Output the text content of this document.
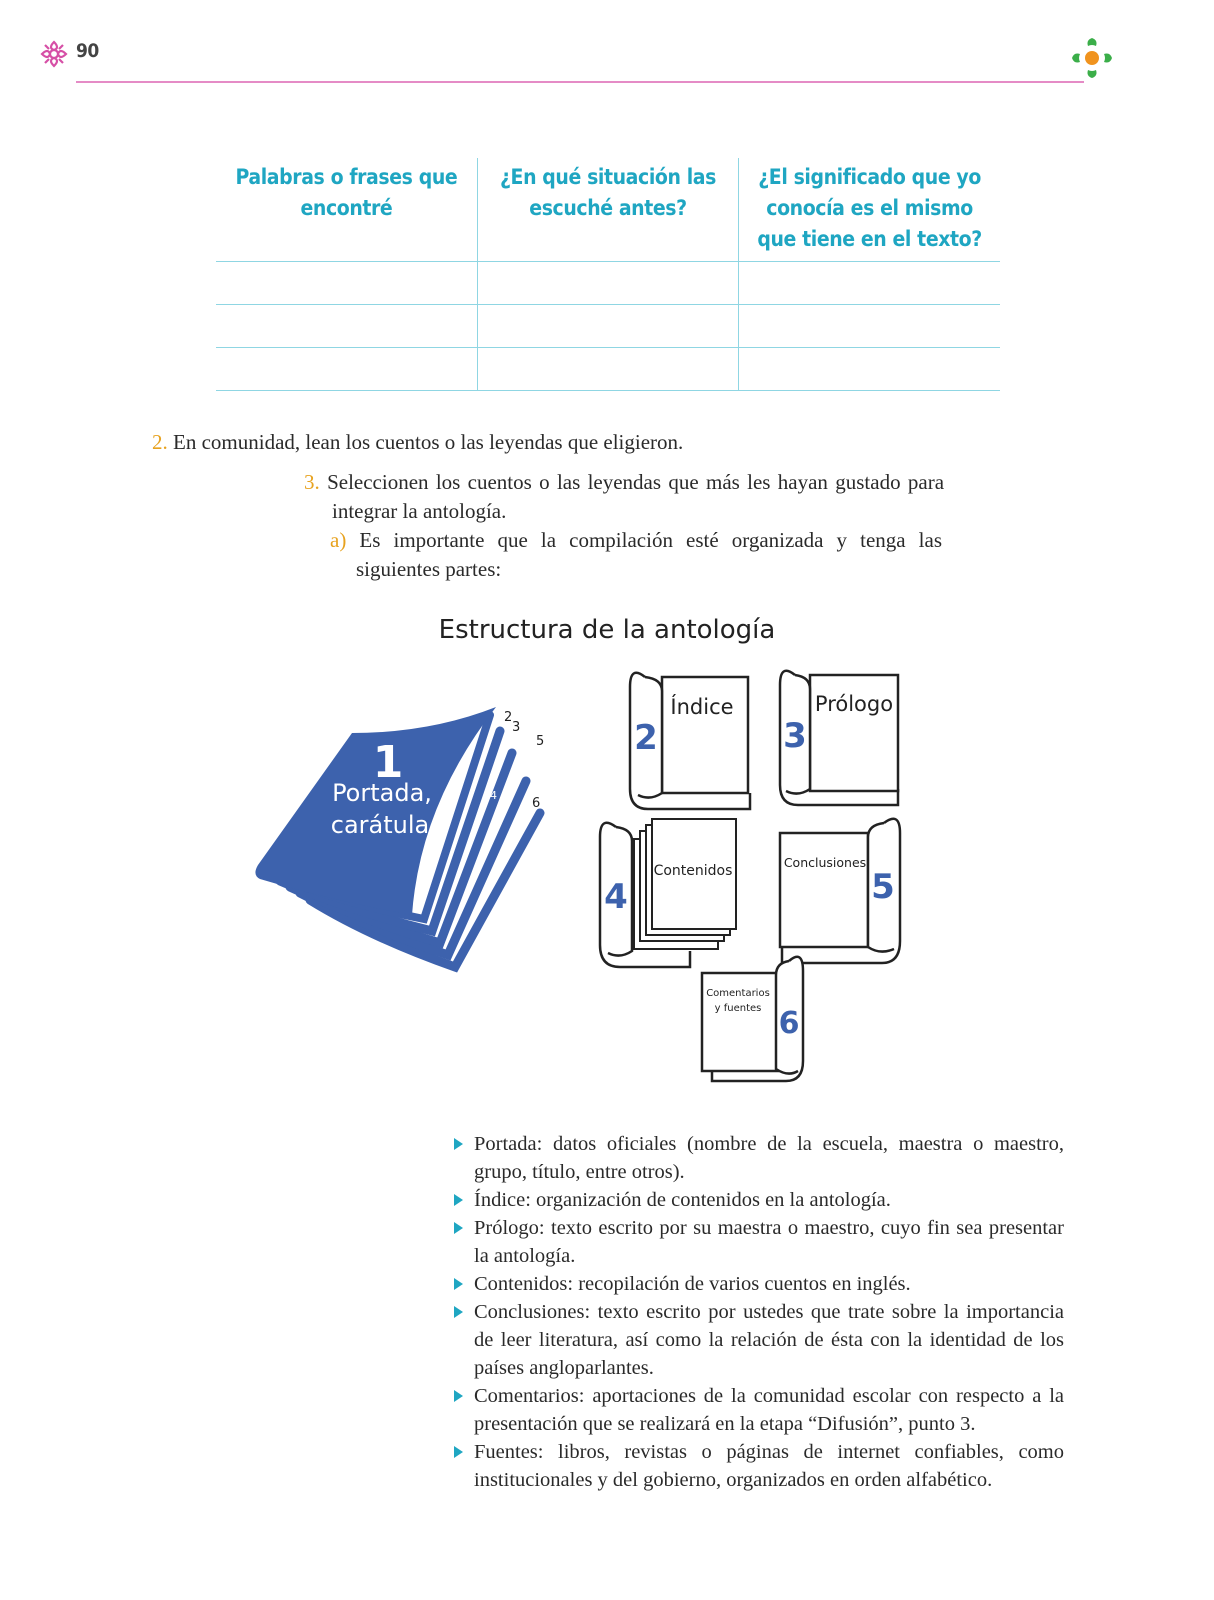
90
Palabras o frases que encontré	¿En qué situación las escuché antes?	¿El significado que yo conocía es el mismo que tiene en el texto?

2. En comunidad, lean los cuentos o las leyendas que eligieron.
3. Seleccionen los cuentos o las leyendas que más les hayan gustado para integrar la antología.
a) Es importante que la compilación esté organizada y tenga las siguientes partes:
Estructura de la antología
1
Portada,
carátula
2
3
4
5
6
2
Índice
3
Prólogo
4
Contenidos	5
Conclusiones
6
Comentarios
y fuentes
Portada: datos oficiales (nombre de la escuela, maestra o maestro, grupo, título, entre otros).
Índice: organización de contenidos en la antología.
Prólogo: texto escrito por su maestra o maestro, cuyo fin sea presentar la antología.
Contenidos: recopilación de varios cuentos en inglés.
Conclusiones: texto escrito por ustedes que trate sobre la importancia de leer literatura, así como la relación de ésta con la identidad de los países angloparlantes.
Comentarios: aportaciones de la comunidad escolar con respecto a la presentación que se realizará en la etapa “Difusión”, punto 3.
Fuentes: libros, revistas o páginas de internet confiables, como institucionales y del gobierno, organizados en orden alfabético.
